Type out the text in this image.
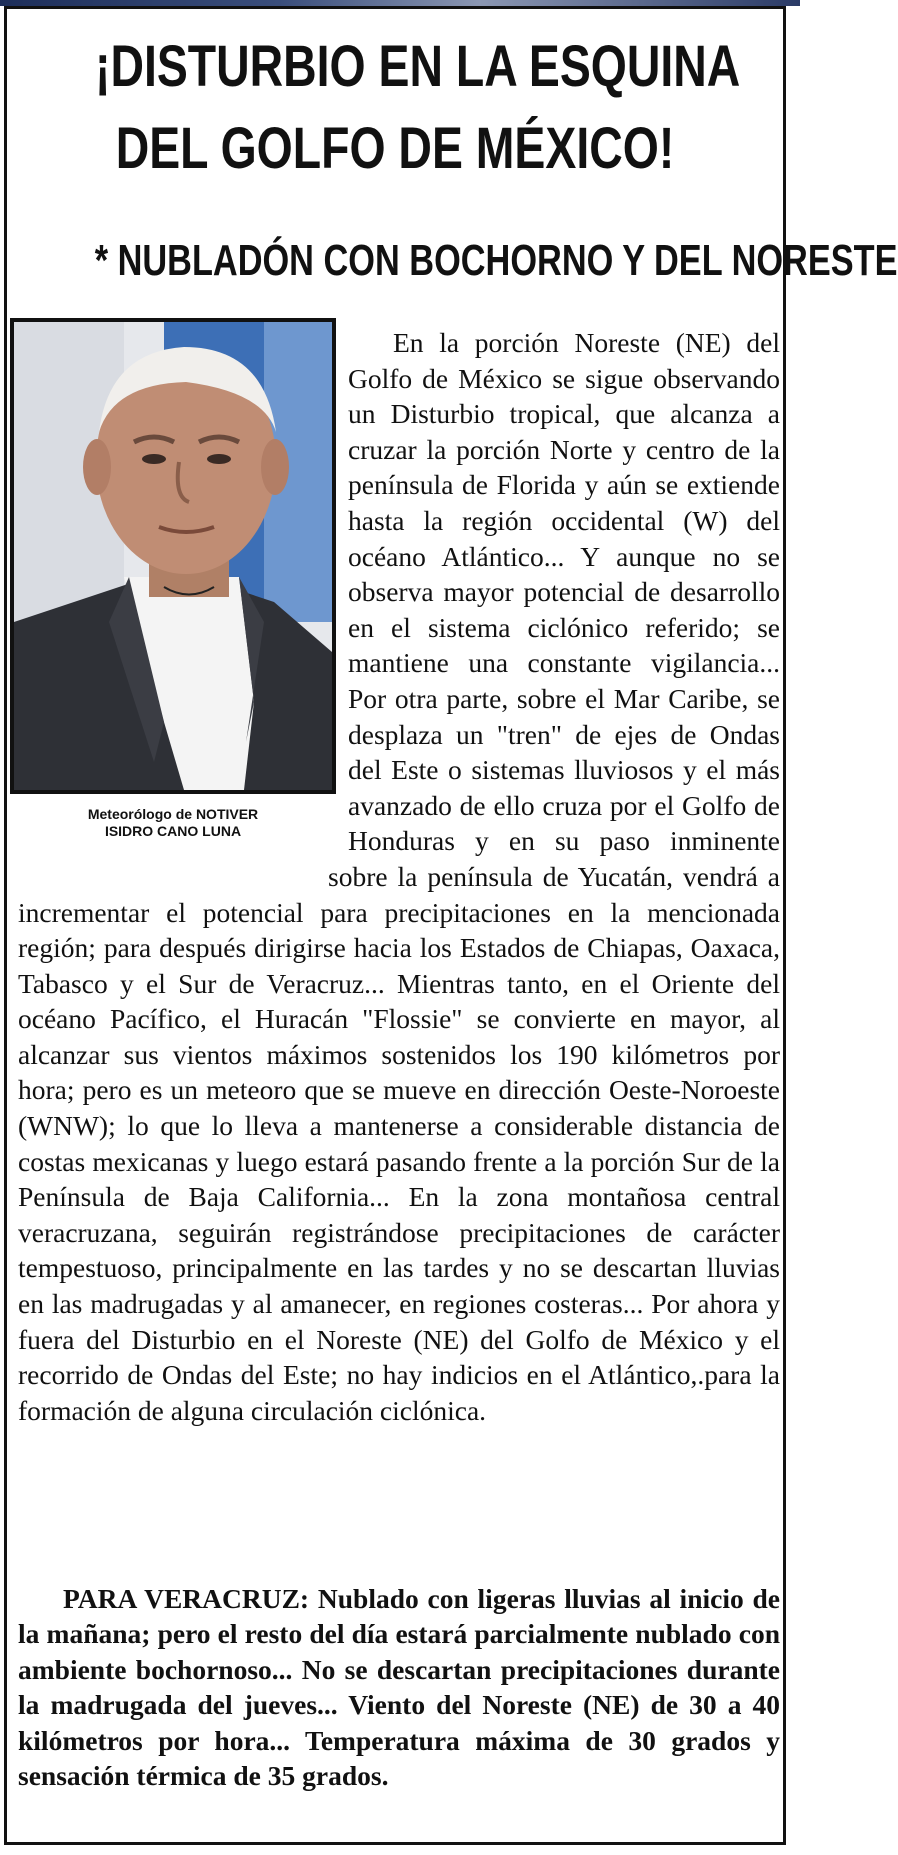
¡DISTURBIO EN LA ESQUINA
DEL GOLFO DE MÉXICO!
* NUBLADÓN CON BOCHORNO Y DEL NORESTE
Meteorólogo de NOTIVER
ISIDRO CANO LUNA

En la porción Noreste (NE) del Golfo de México se sigue observando un Disturbio tropical, que alcanza a cruzar la porción Norte y centro de la península de Florida y aún se extiende hasta la región occidental (W) del océano Atlántico... Y aunque no se observa mayor potencial de desarrollo en el sistema ciclónico referido; se mantiene una constante vigilancia... Por otra parte, sobre el Mar Caribe, se desplaza un "tren" de ejes de Ondas del Este o sistemas lluviosos y el más avanzado de ello cruza por el Golfo de Honduras y en su paso inminente sobre la península de Yucatán, vendrá a incrementar el potencial para precipitaciones en la mencionada región; para después dirigirse hacia los Estados de Chiapas, Oaxaca, Tabasco y el Sur de Veracruz... Mientras tanto, en el Oriente del océano Pacífico, el Huracán "Flossie" se convierte en mayor, al alcanzar sus vientos máximos sostenidos los 190 kilómetros por hora; pero es un meteoro que se mueve en dirección Oeste-Noroeste (WNW); lo que lo lleva a mantenerse a considerable distancia de costas mexicanas y luego estará pasando frente a la porción Sur de la Península de Baja California... En la zona montañosa central veracruzana, seguirán registrándose precipitaciones de carácter tempestuoso, principalmente en las tardes y no se descartan lluvias en las madrugadas y al amanecer, en regiones costeras... Por ahora y fuera del Disturbio en el Noreste (NE) del Golfo de México y el recorrido de Ondas del Este; no hay indicios en el Atlántico,.para la formación de alguna circulación ciclónica.

PARA VERACRUZ: Nublado con ligeras lluvias al inicio de la mañana; pero el resto del día estará parcialmente nublado con ambiente bochornoso... No se descartan precipitaciones durante la madrugada del jueves... Viento del Noreste (NE) de 30 a 40 kilómetros por hora... Temperatura máxima de 30 grados y sensación térmica de 35 grados.
